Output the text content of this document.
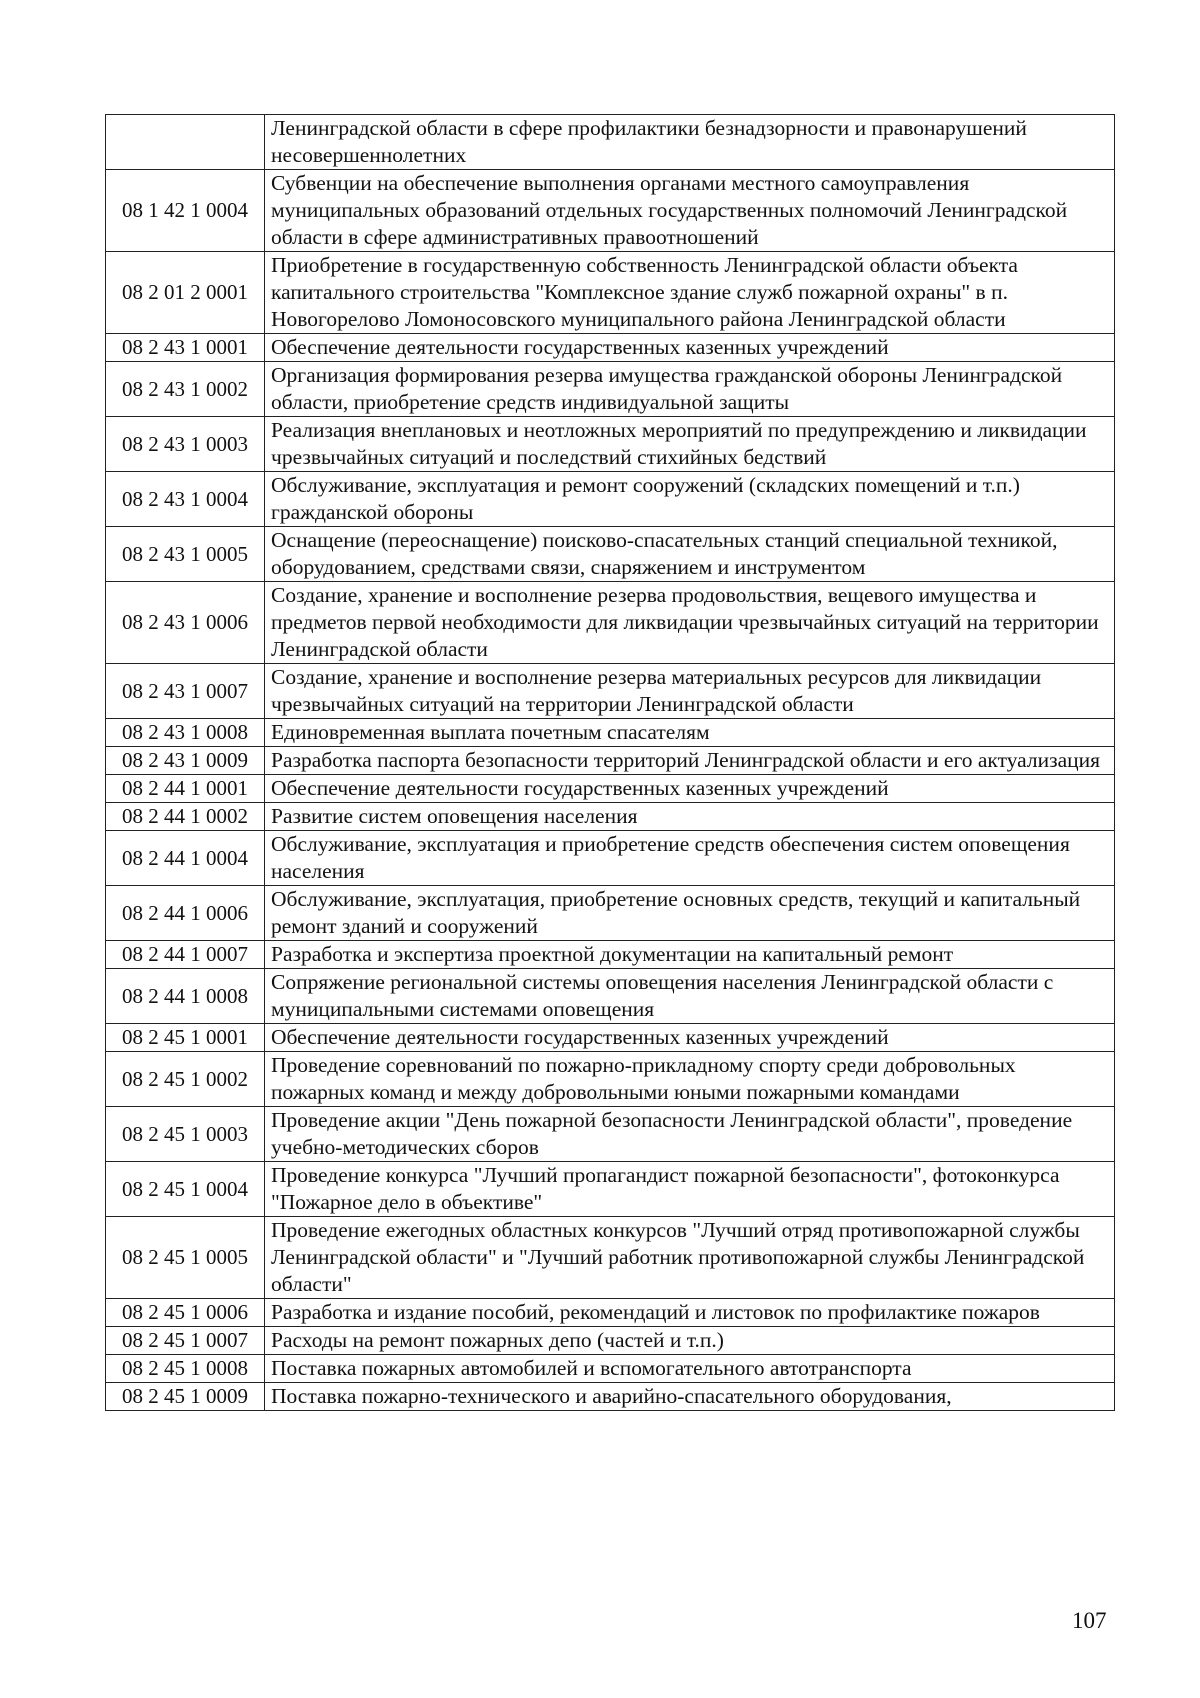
	Ленинградской области в сфере профилактики безнадзорности и правонарушений несовершеннолетних
08 1 42 1 0004	Субвенции на обеспечение выполнения органами местного самоуправления муниципальных образований отдельных государственных полномочий Ленинградской области в сфере административных правоотношений
08 2 01 2 0001	Приобретение в государственную собственность Ленинградской области объекта капитального строительства "Комплексное здание служб пожарной охраны" в п. Новогорелово Ломоносовского муниципального района Ленинградской области
08 2 43 1 0001	Обеспечение деятельности государственных казенных учреждений
08 2 43 1 0002	Организация формирования резерва имущества гражданской обороны Ленинградской области, приобретение средств индивидуальной защиты
08 2 43 1 0003	Реализация внеплановых и неотложных мероприятий по предупреждению и ликвидации чрезвычайных ситуаций и последствий стихийных бедствий
08 2 43 1 0004	Обслуживание, эксплуатация и ремонт сооружений (складских помещений и т.п.) гражданской обороны
08 2 43 1 0005	Оснащение (переоснащение) поисково-спасательных станций специальной техникой, оборудованием, средствами связи, снаряжением и инструментом
08 2 43 1 0006	Создание, хранение и восполнение резерва продовольствия, вещевого имущества и предметов первой необходимости для ликвидации чрезвычайных ситуаций на территории Ленинградской области
08 2 43 1 0007	Создание, хранение и восполнение резерва материальных ресурсов для ликвидации чрезвычайных ситуаций на территории Ленинградской области
08 2 43 1 0008	Единовременная выплата почетным спасателям
08 2 43 1 0009	Разработка паспорта безопасности территорий Ленинградской области и его актуализация
08 2 44 1 0001	Обеспечение деятельности государственных казенных учреждений
08 2 44 1 0002	Развитие систем оповещения населения
08 2 44 1 0004	Обслуживание, эксплуатация и приобретение средств обеспечения систем оповещения населения
08 2 44 1 0006	Обслуживание, эксплуатация, приобретение основных средств, текущий и капитальный ремонт зданий и сооружений
08 2 44 1 0007	Разработка и экспертиза проектной документации на капитальный ремонт
08 2 44 1 0008	Сопряжение региональной системы оповещения населения Ленинградской области с муниципальными системами оповещения
08 2 45 1 0001	Обеспечение деятельности государственных казенных учреждений
08 2 45 1 0002	Проведение соревнований по пожарно-прикладному спорту среди добровольных пожарных команд и между добровольными юными пожарными командами
08 2 45 1 0003	Проведение акции "День пожарной безопасности Ленинградской области", проведение учебно-методических сборов
08 2 45 1 0004	Проведение конкурса "Лучший пропагандист пожарной безопасности", фотоконкурса "Пожарное дело в объективе"
08 2 45 1 0005	Проведение ежегодных областных конкурсов "Лучший отряд противопожарной службы Ленинградской области" и "Лучший работник противопожарной службы Ленинградской области"
08 2 45 1 0006	Разработка и издание пособий, рекомендаций и листовок по профилактике пожаров
08 2 45 1 0007	Расходы на ремонт пожарных депо (частей и т.п.)
08 2 45 1 0008	Поставка пожарных автомобилей и вспомогательного автотранспорта
08 2 45 1 0009	Поставка пожарно-технического и аварийно-спасательного оборудования,
107
